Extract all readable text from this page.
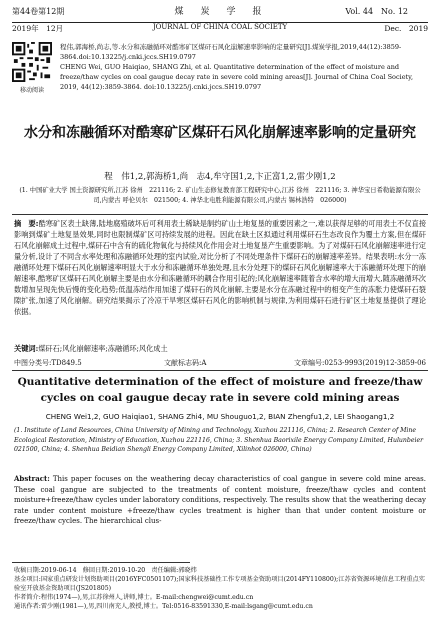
第44卷第12期	煤　炭　学　报	Vol. 44　No. 12
2019年　12月	JOURNAL OF CHINA COAL SOCIETY	Dec.　2019
移动阅读
程伟,郭海桥,尚志,等.水分和冻融循环对酷寒矿区煤矸石风化崩解速率影响的定量研究[J].煤炭学报,2019,44(12):3859-3864.doi:10.13225/j.cnki.jccs.SH19.0797
CHENG Wei, GUO Haiqiao, SHANG Zhi, et al. Quantitative determination of the effect of moisture and freeze/thaw cycles on coal gaugue decay rate in severe cold mining areas[J]. Journal of China Coal Society, 2019, 44(12):3859-3864. doi:10.13225/j.cnki.jccs.SH19.0797
水分和冻融循环对酷寒矿区煤矸石风化崩解速率影响的定量研究
程　伟1,2,郭海桥1,尚　志4,牟守国1,2,卞正富1,2,雷少刚1,2
(1. 中国矿业大学 国土资源研究所,江苏 徐州　221116; 2. 矿山生态修复教育部工程研究中心,江苏 徐州　221116; 3. 神华宝日希勒能源有限公司,内蒙古 呼伦贝尔　021500; 4. 神华北电胜利能源有限公司,内蒙古 锡林浩特　026000)
摘　要:酷寒矿区表土缺薄,陆地腐殖破坏后可利用表土稀缺是制约矿山土地复垦的重要因素之一,难以获得足够的可用表土不仅直接影响到煤矿土地复垦效果,同时也限制煤矿区可持续发展的进程。因此在缺土区拟通过利用煤矸石生态改良作为覆土方案,但在煤矸石风化崩解成土过程中,煤矸石中含有的硫化物氧化与持续风化作用会对土地复垦产生重要影响。为了对煤矸石风化崩解速率进行定量分析,设计了不同含水率处理和冻融循环处理的室内试验,对比分析了不同处理条件下煤矸石的崩解速率差异。结果表明:水分一冻融循环处理下煤矸石风化崩解速率明显大于水分和冻融循环单独处理,且水分处理下的煤矸石风化崩解速率大于冻融循环处理下的崩解速率,酷寒矿区煤矸石风化崩解主要是由水分和冻融循环的耦合作用引起的;风化崩解速率随着含水率的增大而增大,随冻融循环次数增加呈现先快后慢的变化趋势;低温冻结作用加速了煤矸石的风化崩解,主要是水分在冻融过程中的相变产生的冻胀力使煤矸石裂隙扩张,加速了风化崩解。研究结果揭示了冷凉干旱寒区煤矸石风化的影响机制与规律,为利用煤矸石进行矿区土地复垦提供了理论依据。
关键词:煤矸石;风化崩解速率;冻融循环;风化成土
中图分类号:TD849.5	文献标志码:A	文章编号:0253-9993(2019)12-3859-06
Quantitative determination of the effect of moisture and freeze/thaw cycles on coal gaugue decay rate in severe cold mining areas
CHENG Wei1,2, GUO Haiqiao1, SHANG Zhi4, MU Shouguo1,2, BIAN Zhengfu1,2, LEI Shaogang1,2
(1. Institute of Land Resources, China University of Mining and Technology, Xuzhou 221116, China; 2. Research Center of Mine Ecological Restoration, Ministry of Education, Xuzhou 221116, China; 3. Shenhua Baorixile Energy Company Limited, Hulunbeier 021500, China; 4. Shenhua Beidian Shengli Energy Company Limited, Xilinhot 026000, China)
Abstract: This paper focuses on the weathering decay characteristics of coal gangue in severe cold mine areas. These coal gangue are subjected to the treatments of content moisture, freeze/thaw cycles and content moisture+freeze/thaw cycles under laboratory conditions, respectively. The results show that the weathering decay rate under content moisture +freeze/thaw cycles treatment is higher than that under content moisture or freeze/thaw cycles. The hierarchical clus-
收稿日期:2019-06-14　修回日期:2019-10-20　责任编辑:郭晓炜
基金项目:国家重点研发计划资助项目(2016YFC0501107);国家科技基础性工作专项基金资助项目(2014FY110800);江苏省资源环境信息工程重点实验室开放基金资助项目(JS201805)
作者简介:程伟(1974—),男,江苏徐州人,讲师,博士。E-mail:chengwei@cumt.edu.cn
通讯作者:雷少刚(1981—),男,四川南充人,教授,博士。Tel:0516-83591330,E-mail:lsgang@cumt.edu.cn
